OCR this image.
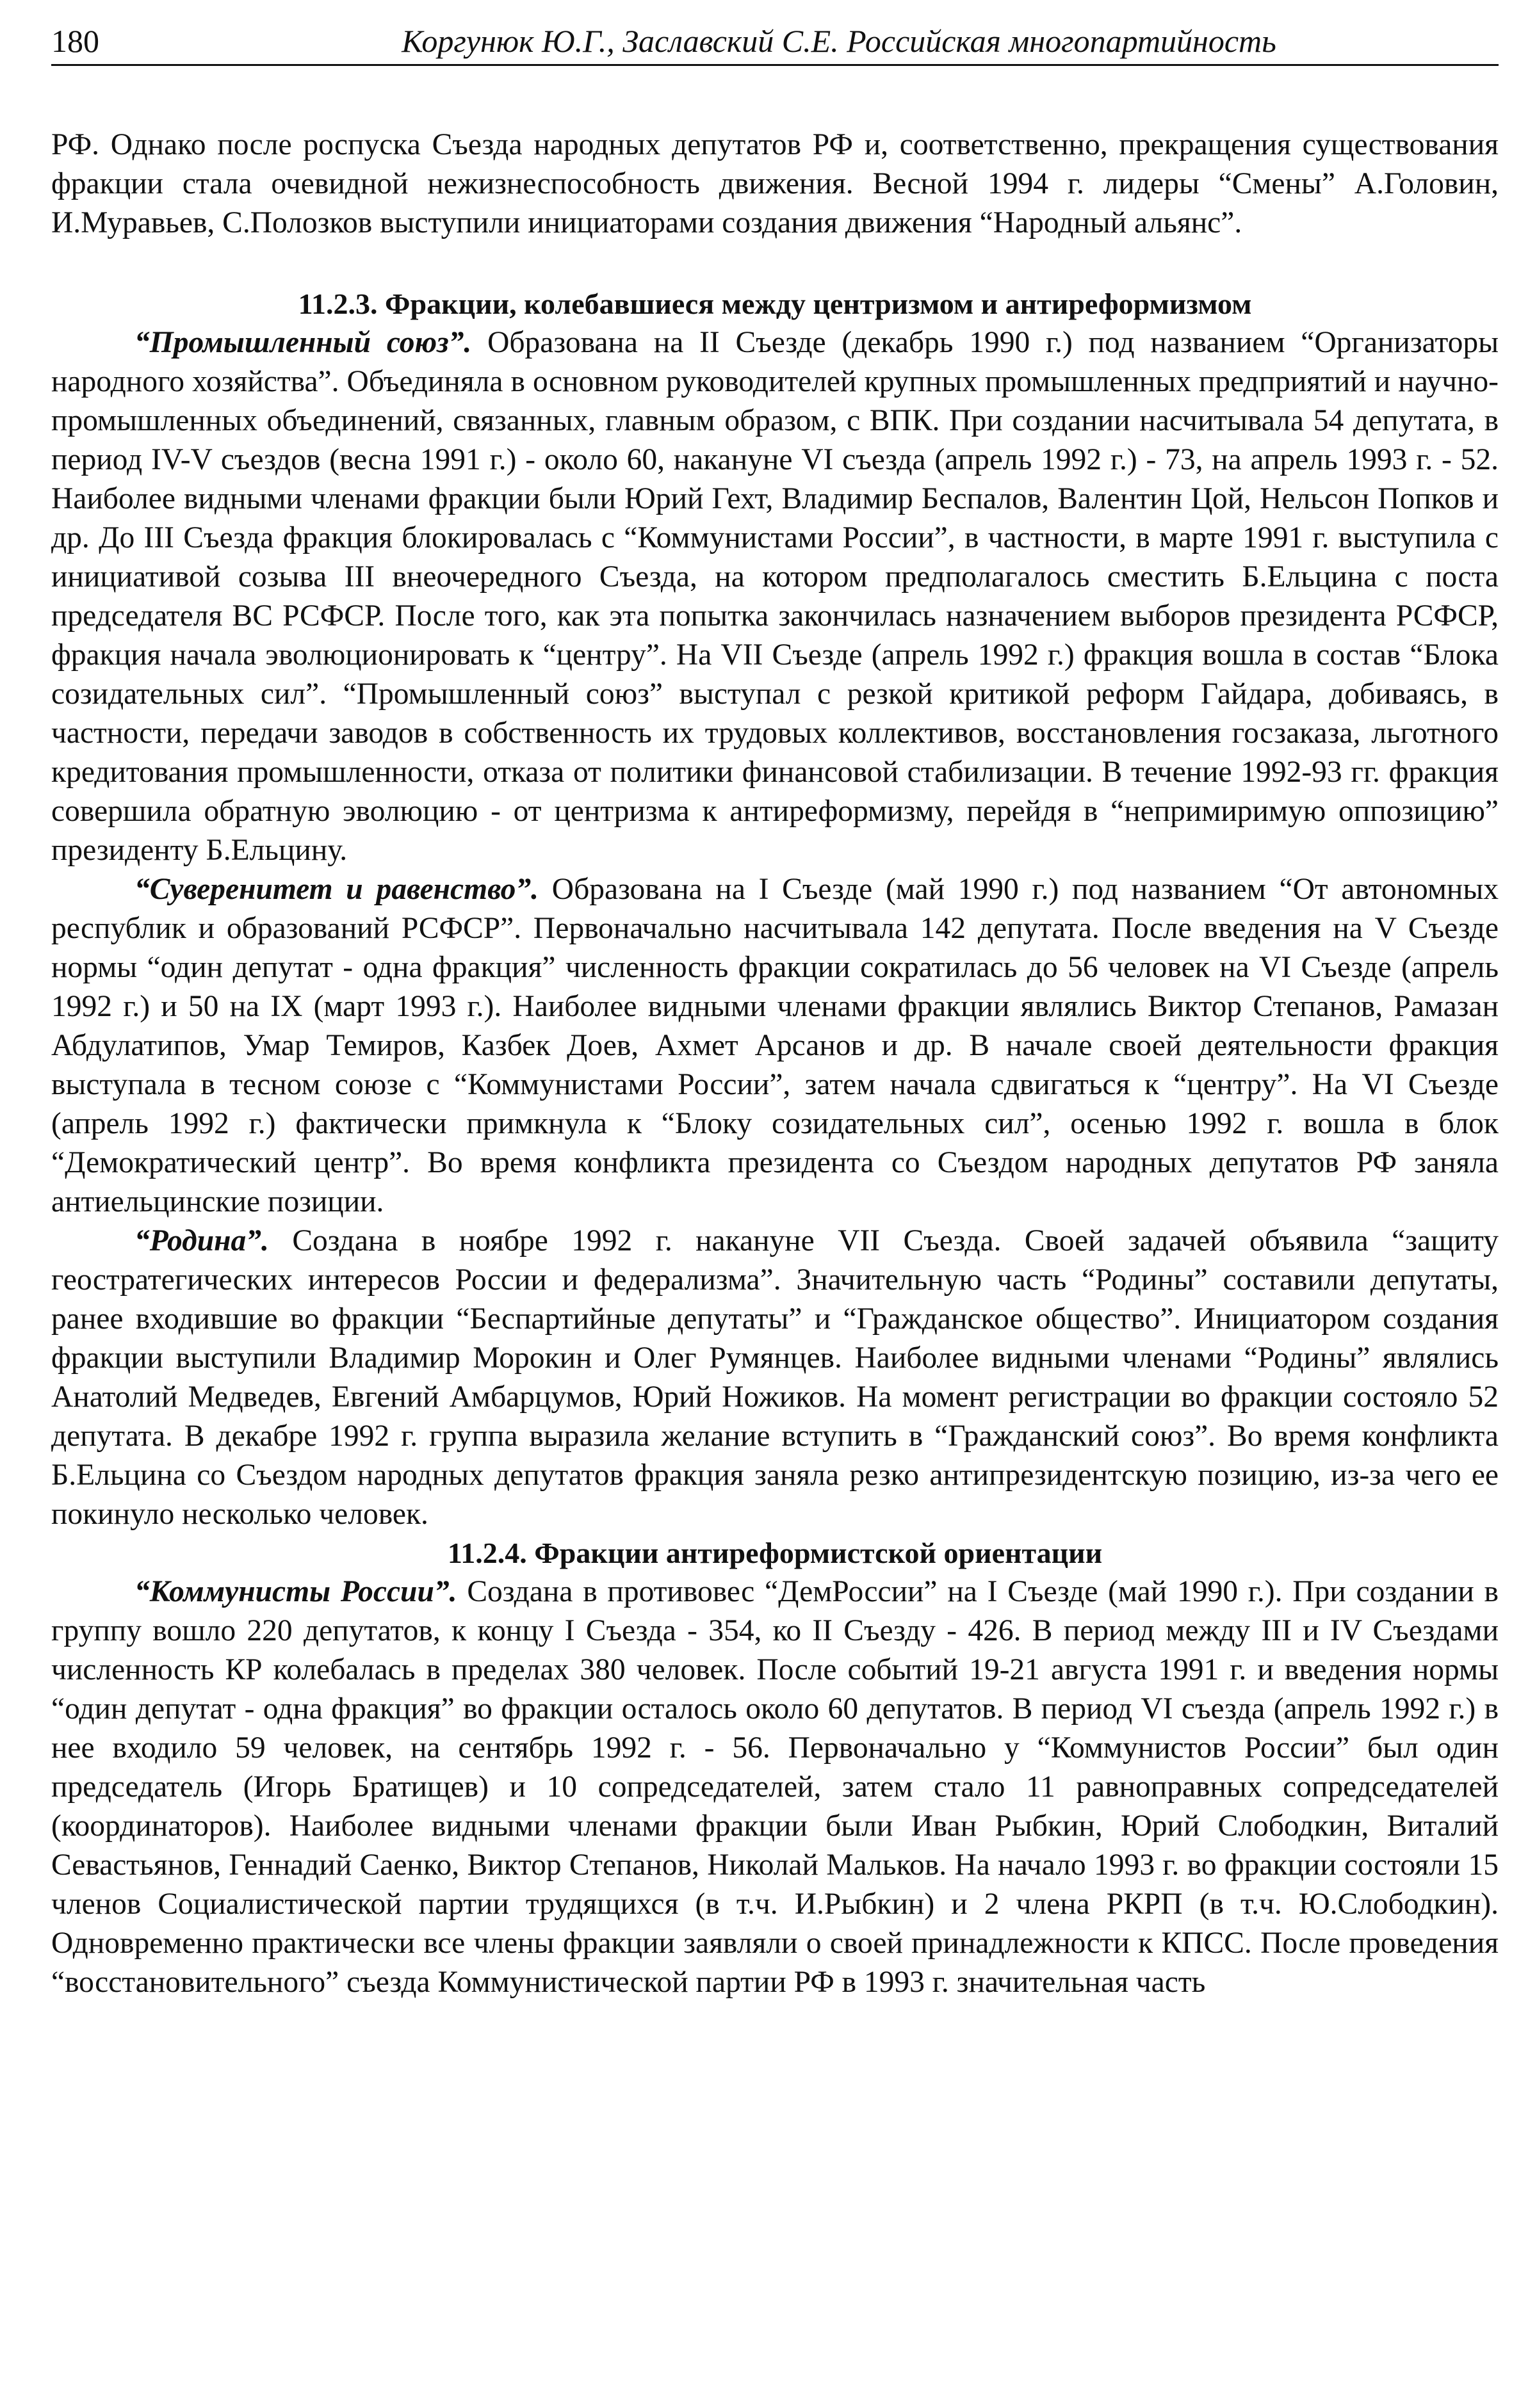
180	Коргунюк Ю.Г., Заславский С.Е. Российская многопартийность

РФ. Однако после роспуска Съезда народных депутатов РФ и, соответственно, прекращения существования фракции стала очевидной нежизнеспособность движения. Весной 1994 г. лидеры “Смены” А.Головин, И.Муравьев, С.Полозков выступили инициаторами создания движения “Народный альянс”.

11.2.3. Фракции, колебавшиеся между центризмом и антиреформизмом

“Промышленный союз”. Образована на II Съезде (декабрь 1990 г.) под названием “Организаторы народного хозяйства”. Объединяла в основном руководителей крупных промышленных предприятий и научно-промышленных объединений, связанных, главным образом, с ВПК. При создании насчитывала 54 депутата, в период IV-V съездов (весна 1991 г.) - около 60, накануне VI съезда (апрель 1992 г.) - 73, на апрель 1993 г. - 52. Наиболее видными членами фракции были Юрий Гехт, Владимир Беспалов, Валентин Цой, Нельсон Попков и др. До III Съезда фракция блокировалась с “Коммунистами России”, в частности, в марте 1991 г. выступила с инициативой созыва III внеочередного Съезда, на котором предполагалось сместить Б.Ельцина с поста председателя ВС РСФСР. После того, как эта попытка закончилась назначением выборов президента РСФСР, фракция начала эволюционировать к “центру”. На VII Съезде (апрель 1992 г.) фракция вошла в состав “Блока созидательных сил”. “Промышленный союз” выступал с резкой критикой реформ Гайдара, добиваясь, в частности, передачи заводов в собственность их трудовых коллективов, восстановления госзаказа, льготного кредитования промышленности, отказа от политики финансовой стабилизации. В течение 1992-93 гг. фракция совершила обратную эволюцию - от центризма к антиреформизму, перейдя в “непримиримую оппозицию” президенту Б.Ельцину.

“Суверенитет и равенство”. Образована на I Съезде (май 1990 г.) под названием “От автономных республик и образований РСФСР”. Первоначально насчитывала 142 депутата. После введения на V Съезде нормы “один депутат - одна фракция” численность фракции сократилась до 56 человек на VI Съезде (апрель 1992 г.) и 50 на IX (март 1993 г.). Наиболее видными членами фракции являлись Виктор Степанов, Рамазан Абдулатипов, Умар Темиров, Казбек Доев, Ахмет Арсанов и др. В начале своей деятельности фракция выступала в тесном союзе с “Коммунистами России”, затем начала сдвигаться к “центру”. На VI Съезде (апрель 1992 г.) фактически примкнула к “Блоку созидательных сил”, осенью 1992 г. вошла в блок “Демократический центр”. Во время конфликта президента со Съездом народных депутатов РФ заняла антиельцинские позиции.

“Родина”. Создана в ноябре 1992 г. накануне VII Съезда. Своей задачей объявила “защиту геостратегических интересов России и федерализма”. Значительную часть “Родины” составили депутаты, ранее входившие во фракции “Беспартийные депутаты” и “Гражданское общество”. Инициатором создания фракции выступили Владимир Морокин и Олег Румянцев. Наиболее видными членами “Родины” являлись Анатолий Медведев, Евгений Амбарцумов, Юрий Ножиков. На момент регистрации во фракции состояло 52 депутата. В декабре 1992 г. группа выразила желание вступить в “Гражданский союз”. Во время конфликта Б.Ельцина со Съездом народных депутатов фракция заняла резко антипрезидентскую позицию, из-за чего ее покинуло несколько человек.

11.2.4. Фракции антиреформистской ориентации

“Коммунисты России”. Создана в противовес “ДемРоссии” на I Съезде (май 1990 г.). При создании в группу вошло 220 депутатов, к концу I Съезда - 354, ко II Съезду - 426. В период между III и IV Съездами численность КР колебалась в пределах 380 человек. После событий 19-21 августа 1991 г. и введения нормы “один депутат - одна фракция” во фракции осталось около 60 депутатов. В период VI съезда (апрель 1992 г.) в нее входило 59 человек, на сентябрь 1992 г. - 56. Первоначально у “Коммунистов России” был один председатель (Игорь Братищев) и 10 сопредседателей, затем стало 11 равноправных сопредседателей (координаторов). Наиболее видными членами фракции были Иван Рыбкин, Юрий Слободкин, Виталий Севастьянов, Геннадий Саенко, Виктор Степанов, Николай Мальков. На начало 1993 г. во фракции состояли 15 членов Социалистической партии трудящихся (в т.ч. И.Рыбкин) и 2 члена РКРП (в т.ч. Ю.Слободкин). Одновременно практически все члены фракции заявляли о своей принадлежности к КПСС. После проведения “восстановительного” съезда Коммунистической партии РФ в 1993 г. значительная часть
